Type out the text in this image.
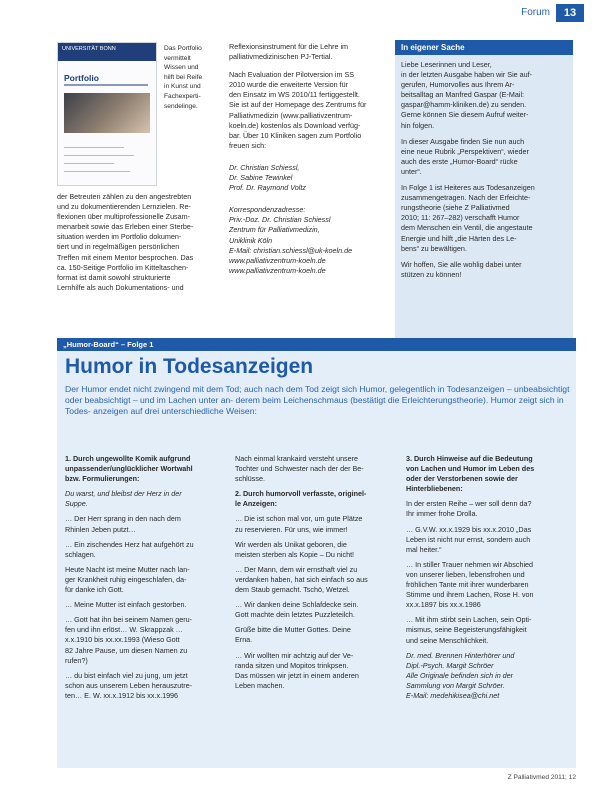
Forum	13
UNIVERSITÄT BONN
Portfolio
Das Portfolio
vermittelt
Wissen und
hilft bei Reife
in Kunst und
Fachexperti-
sendelinge.

der Betreuten zählen zu den angestrebten

und zu dokumentierenden Lernzielen. Re-

flexionen über multiprofessionelle Zusam-

menarbeit sowie das Erleben einer Sterbe-

situation werden im Portfolio dokumen-

tiert und in regelmäßigen persönlichen

Treffen mit einem Mentor besprochen. Das

ca. 150-Seitige Portfolio im Kitteltaschen-

format ist damit sowohl strukturierte

Lernhilfe als auch Dokumentations- und

Reflexionsinstrument für die Lehre im

palliativmedizinischen PJ-Tertial.

Nach Evaluation der Pilotversion im SS

2010 wurde die erweiterte Version für

den Einsatz im WS 2010/11 fertiggestellt.

Sie ist auf der Homepage des Zentrums für

Palliativmedizin (www.palliativzentrum-

koeln.de) kostenlos als Download verfüg-

bar. Über 10 Kliniken sagen zum Portfolio

freuen sich:

Dr. Christian Schiessl,

Dr. Sabine Tewinkel

Prof. Dr. Raymond Voltz

Korrespondenzadresse:

Priv.-Doz. Dr. Christian Schiessl

Zentrum für Palliativmedizin,

Uniklinik Köln

E-Mail: christian.schiessl@uk-koeln.de

www.palliativzentrum-koeln.de

www.palliativzentrum-koeln.de

In eigener Sache

Liebe Leserinnen und Leser,

in der letzten Ausgabe haben wir Sie auf-

gerufen, Humorvolles aus Ihrem Ar-

beitsalltag an Manfred Gaspar (E-Mail:

gaspar@hamm-kliniken.de) zu senden.

Gerne können Sie diesem Aufruf weiter-

hin folgen.

In dieser Ausgabe finden Sie nun auch

eine neue Rubrik „Perspektiven“, wieder

auch des erste „Humor-Board“ rücke

unter“.

In Folge 1 ist Heiteres aus Todesanzeigen

zusammengetragen. Nach der Erfeichte-

rungstheorie (siehe Z Palliativmed

2010; 11: 267–282) verschafft Humor

dem Menschen ein Ventil, die angestaute

Energie und hilft „die Härten des Le-

bens“ zu bewältigen.

Wir hoffen, Sie alle wohlig dabei unter

stützen zu können!

„Humor-Board“ – Folge 1
Humor in Todesanzeigen

Der Humor endet nicht zwingend mit dem Tod; auch nach dem Tod zeigt sich Humor, gelegentlich in Todesanzeigen – unbeabsichtigt oder beabsichtigt – und im Lachen unter an- derem beim Leichenschmaus (bestätigt die Erleichterungstheorie). Humor zeigt sich in Todes- anzeigen auf drei unterschiedliche Weisen:

1. Durch ungewollte Komik aufgrund
unpassender/unglücklicher Wortwahl
bzw. Formulierungen:
Du warst, und bleibst der Herz in der
Suppe.
… Der Herr sprang in den nach dem
Rhinlen Jeben putzt…
… Ein zischendes Herz hat aufgehört zu
schlagen.
Heute Nacht ist meine Mutter nach lan-
ger Krankheit ruhig eingeschlafen, da-
für danke ich Gott.
… Meine Mutter ist einfach gestorben.
… Gott hat ihn bei seinem Namen geru-
fen und ihn erlöst… W. Skrappzak …
x.x.1910 bis xx.xx.1993 (Wieso Gott
82 Jahre Pause, um diesen Namen zu
rufen?)
… du bist einfach viel zu jung, um jetzt
schon aus unserem Leben herauszutre-
ten… E. W. xx.x.1912 bis xx.x.1996
Nach einmal krankaird versteht unsere
Tochter und Schwester nach der der Be-
schlüsse.
2. Durch humorvoll verfasste, originel-
le Anzeigen:
… Die ist schon mal vor, um gute Plätze
zu reservieren. Für uns, wie immer!
Wir werden als Unikat geboren, die
meisten sterben als Kopie – Du nicht!
… Der Mann, dem wir ernsthaft viel zu
verdanken haben, hat sich einfach so aus
dem Staub gemacht. Tschö, Wetzel.
… Wir danken deine Schlafdecke sein.
Gott machte dein letztes Puzzleteilch.
Grüße bitte die Mutter Gottes. Deine
Erna.
… Wir wollten mir achtzig auf der Ve-
randa sitzen und Mopitos trinkpsen.
Das müssen wir jetzt in einem anderen
Leben machen.
3. Durch Hinweise auf die Bedeutung
von Lachen und Humor im Leben des
oder der Verstorbenen sowie der
Hinterbliebenen:
In der ersten Reihe – wer soll denn da?
Ihr immer frohe Drolla.
… G.V.W. xx.x.1929 bis xx.x.2010 „Das
Leben ist nicht nur ernst, sondern auch
mal heiter.“
… In stiller Trauer nehmen wir Abschied
von unserer lieben, lebensfrohen und
fröhlichen Tante mit ihrer wunderbaren
Stimme und ihrem Lachen, Rose H. von
xx.x.1897 bis xx.x.1986
… Mit ihm stirbt sein Lachen, sein Opti-
mismus, seine Begeisterungsfähigkeit
und seine Menschlichkeit.
Dr. med. Brennen Hinterhörer und
Dipl.-Psych. Margit Schröer
Alle Originale befinden sich in der
Sammlung von Margit Schröer.
E-Mail: medehikisea@chi.net
Z Palliativmed 2011; 12
